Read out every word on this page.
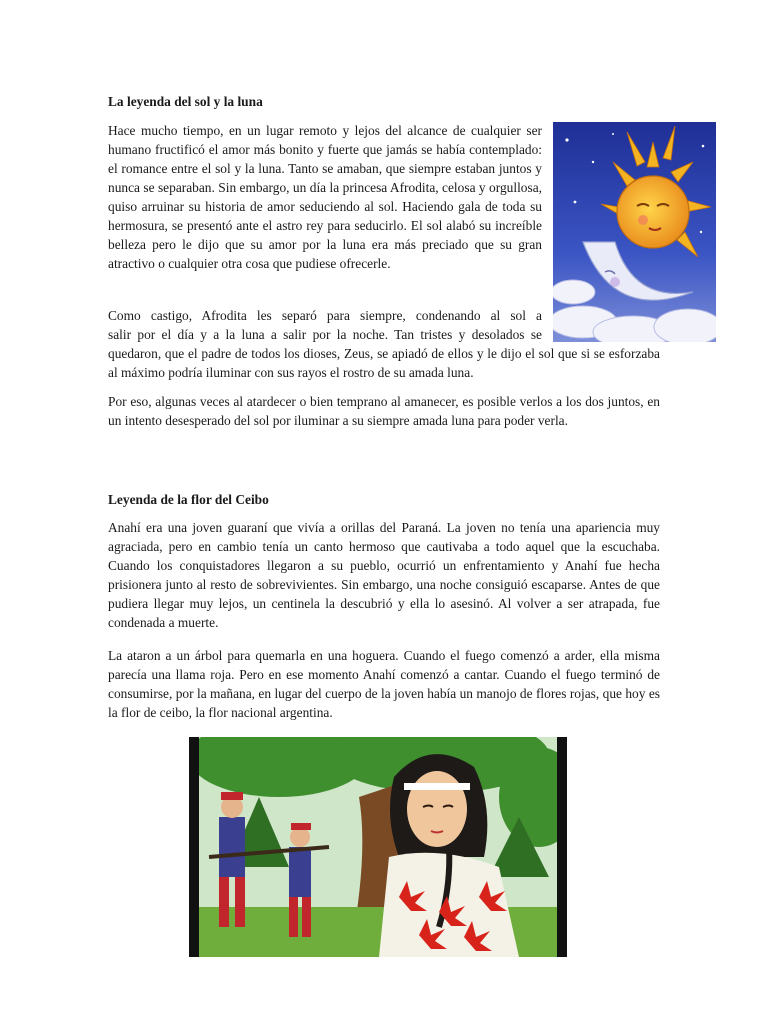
La leyenda del sol y la luna

Hace mucho tiempo, en un lugar remoto y lejos del alcance de cualquier ser humano fructificó el amor más bonito y fuerte que jamás se había contemplado: el romance entre el sol y la luna. Tanto se amaban, que siempre estaban juntos y nunca se separaban. Sin embargo, un día la princesa Afrodita, celosa y orgullosa, quiso arruinar su historia de amor seduciendo al sol. Haciendo gala de toda su hermosura, se presentó ante el astro rey para seducirlo. El sol alabó su increíble belleza pero le dijo que su amor por la luna era más preciado que su gran atractivo o cualquier otra cosa que pudiese ofrecerle.

Como castigo, Afrodita les separó para siempre, condenando al sol a
salir por el día y a la luna a salir por la noche. Tan tristes y desolados se
quedaron, que el padre de todos los dioses, Zeus, se apiadó de ellos y le dijo el sol que si se esforzaba al máximo podría iluminar con sus rayos el rostro de su amada luna.

Por eso, algunas veces al atardecer o bien temprano al amanecer, es posible verlos a los dos juntos, en un intento desesperado del sol por iluminar a su siempre amada luna para poder verla.

Leyenda de la flor del Ceibo

Anahí era una joven guaraní que vivía a orillas del Paraná. La joven no tenía una apariencia muy agraciada, pero en cambio tenía un canto hermoso que cautivaba a todo aquel que la escuchaba. Cuando los conquistadores llegaron a su pueblo, ocurrió un enfrentamiento y Anahí fue hecha prisionera junto al resto de sobrevivientes. Sin embargo, una noche consiguió escaparse. Antes de que pudiera llegar muy lejos, un centinela la descubrió y ella lo asesinó. Al volver a ser atrapada, fue condenada a muerte.

La ataron a un árbol para quemarla en una hoguera. Cuando el fuego comenzó a arder, ella misma parecía una llama roja. Pero en ese momento Anahí comenzó a cantar. Cuando el fuego terminó de consumirse, por la mañana, en lugar del cuerpo de la joven había un manojo de flores rojas, que hoy es la flor de ceibo, la flor nacional argentina.
